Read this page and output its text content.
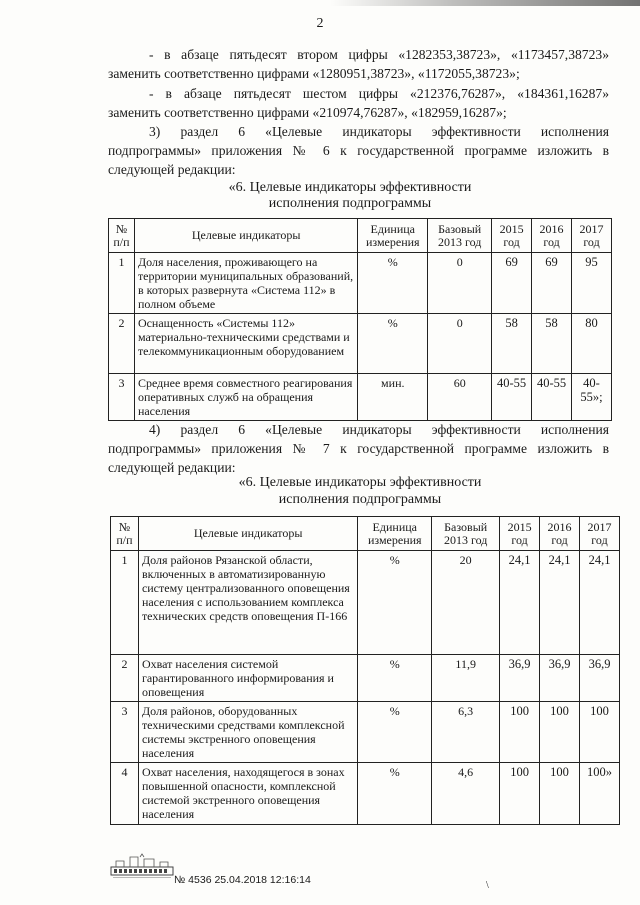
2
- в абзаце пятьдесят втором цифры «1282353,38723», «1173457,38723»
заменить соответственно цифрами «1280951,38723», «1172055,38723»;
- в абзаце пятьдесят шестом цифры «212376,76287», «184361,16287»
заменить соответственно цифрами «210974,76287», «182959,16287»;
3) раздел 6 «Целевые индикаторы эффективности исполнения
подпрограммы» приложения № 6 к государственной программе изложить в
следующей редакции:
«6. Целевые индикаторы эффективности
исполнения подпрограммы
№ п/п	Целевые индикаторы	Единица измерения	Базовый 2013 год	2015 год	2016 год	2017 год
1	Доля населения, проживающего на территории муниципальных образований, в которых развернута «Система 112» в полном объеме	%	0	69	69	95
2	Оснащенность «Системы 112» материально-техническими средствами и телекоммуникационным оборудованием	%	0	58	58	80
3	Среднее время совместного реагирования оперативных служб на обращения населения	мин.	60	40-55	40-55	40-55»;
4) раздел 6 «Целевые индикаторы эффективности исполнения
подпрограммы» приложения № 7 к государственной программе изложить в
следующей редакции:
«6. Целевые индикаторы эффективности
исполнения подпрограммы
№ п/п	Целевые индикаторы	Единица измерения	Базовый 2013 год	2015 год	2016 год	2017 год
1	Доля районов Рязанской области, включенных в автоматизированную систему централизованного оповещения населения с использованием комплекса технических средств оповещения П-166	%	20	24,1	24,1	24,1
2	Охват населения системой гарантированного информирования и оповещения	%	11,9	36,9	36,9	36,9
3	Доля районов, оборудованных техническими средствами комплексной системы экстренного оповещения населения	%	6,3	100	100	100
4	Охват населения, находящегося в зонах повышенной опасности, комплексной системой экстренного оповещения населения	%	4,6	100	100	100»
№ 4536 25.04.2018 12:16:14	\
